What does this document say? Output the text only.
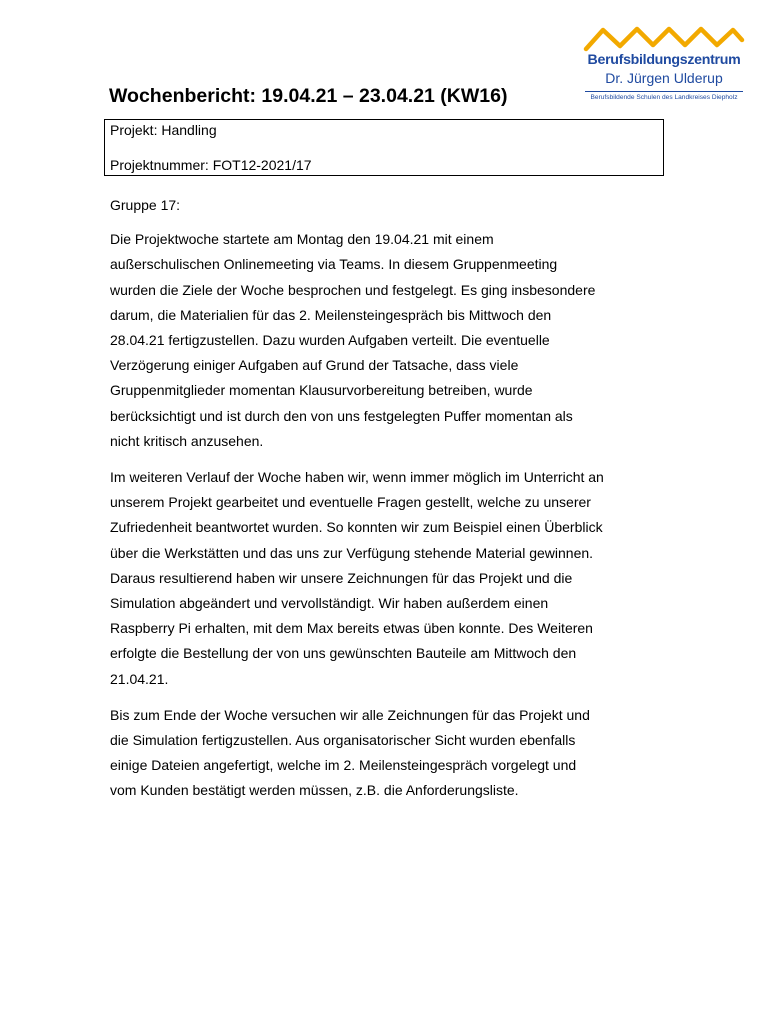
Berufsbildungszentrum
Dr. Jürgen Ulderup
Berufsbildende Schulen des Landkreises Diepholz
Wochenbericht: 19.04.21 – 23.04.21 (KW16)
Projekt: Handling
Projektnummer: FOT12-2021/17

Gruppe 17:

Die Projektwoche startete am Montag den 19.04.21 mit einem
außerschulischen Onlinemeeting via Teams. In diesem Gruppenmeeting
wurden die Ziele der Woche besprochen und festgelegt. Es ging insbesondere
darum, die Materialien für das 2. Meilensteingespräch bis Mittwoch den
28.04.21 fertigzustellen. Dazu wurden Aufgaben verteilt. Die eventuelle
Verzögerung einiger Aufgaben auf Grund der Tatsache, dass viele
Gruppenmitglieder momentan Klausurvorbereitung betreiben, wurde
berücksichtigt und ist durch den von uns festgelegten Puffer momentan als
nicht kritisch anzusehen.

Im weiteren Verlauf der Woche haben wir, wenn immer möglich im Unterricht an
unserem Projekt gearbeitet und eventuelle Fragen gestellt, welche zu unserer
Zufriedenheit beantwortet wurden. So konnten wir zum Beispiel einen Überblick
über die Werkstätten und das uns zur Verfügung stehende Material gewinnen.
Daraus resultierend haben wir unsere Zeichnungen für das Projekt und die
Simulation abgeändert und vervollständigt. Wir haben außerdem einen
Raspberry Pi erhalten, mit dem Max bereits etwas üben konnte. Des Weiteren
erfolgte die Bestellung der von uns gewünschten Bauteile am Mittwoch den
21.04.21.

Bis zum Ende der Woche versuchen wir alle Zeichnungen für das Projekt und
die Simulation fertigzustellen. Aus organisatorischer Sicht wurden ebenfalls
einige Dateien angefertigt, welche im 2. Meilensteingespräch vorgelegt und
vom Kunden bestätigt werden müssen, z.B. die Anforderungsliste.
